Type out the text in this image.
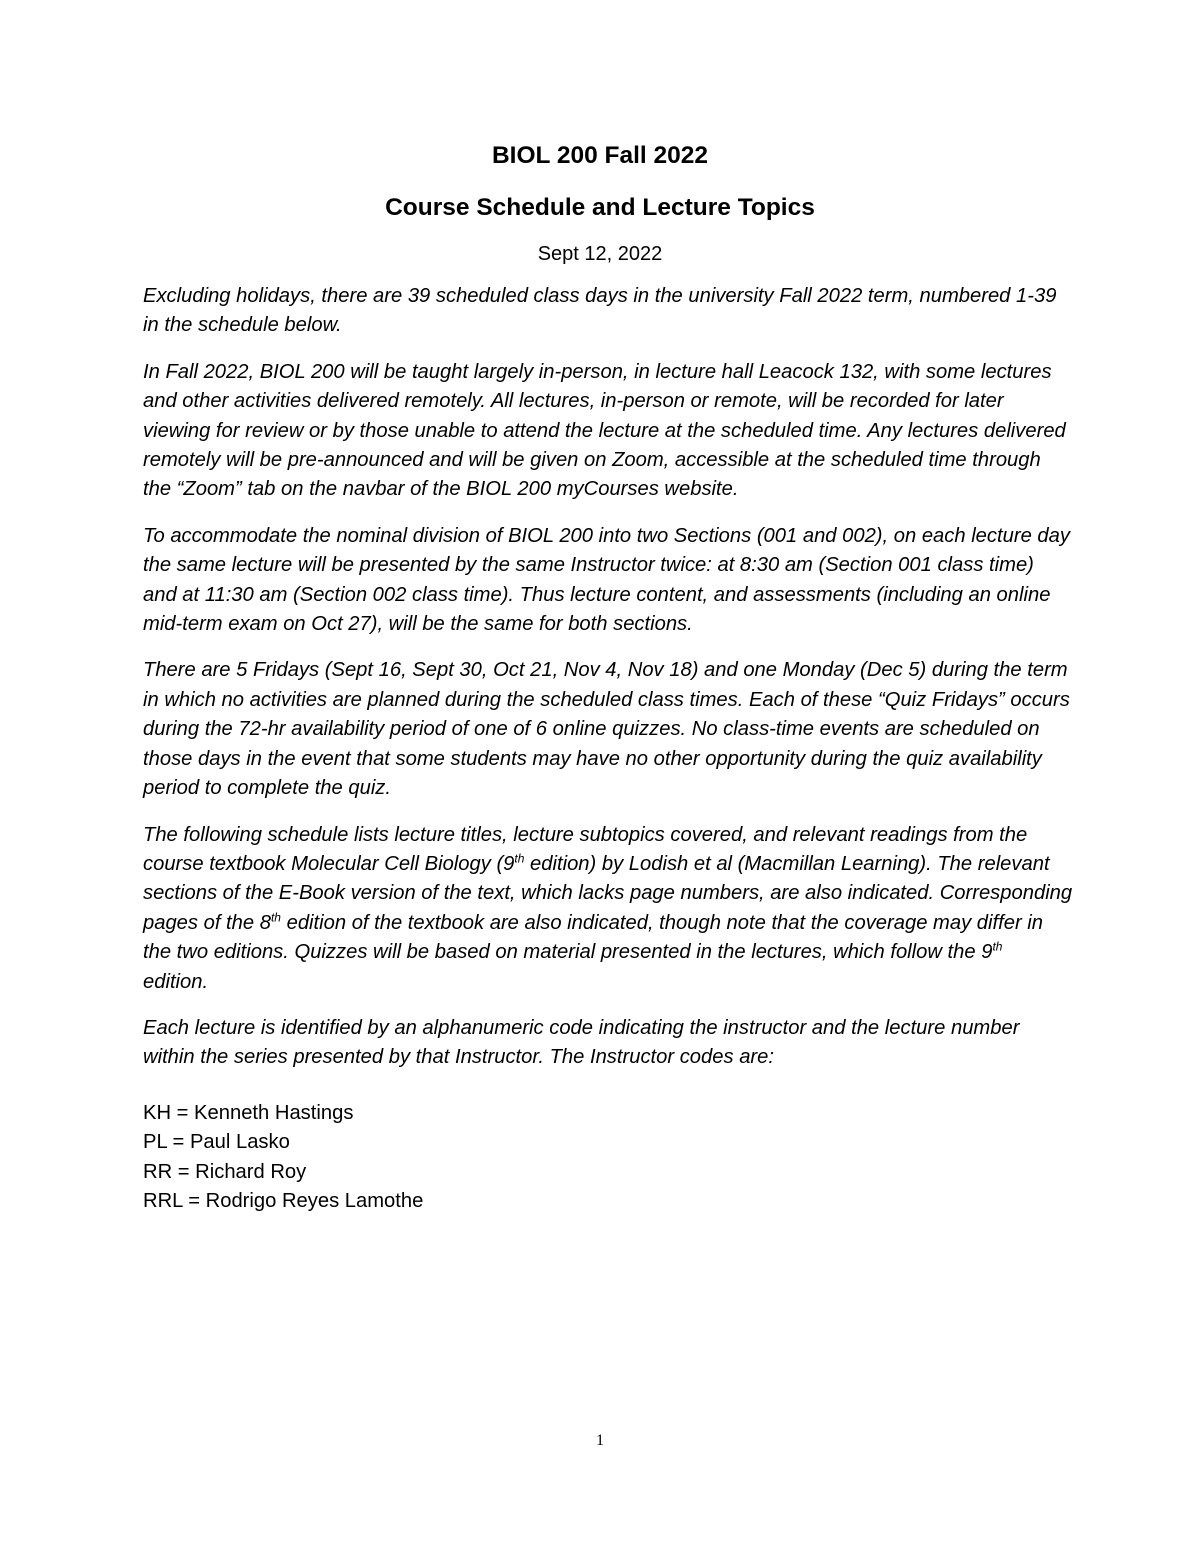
BIOL 200 Fall 2022
Course Schedule and Lecture Topics

Sept 12, 2022

Excluding holidays, there are 39 scheduled class days in the university Fall 2022 term, numbered 1-39 in the schedule below.

In Fall 2022, BIOL 200 will be taught largely in-person, in lecture hall Leacock 132, with some lectures and other activities delivered remotely. All lectures, in-person or remote, will be recorded for later viewing for review or by those unable to attend the lecture at the scheduled time. Any lectures delivered remotely will be pre-announced and will be given on Zoom, accessible at the scheduled time through the “Zoom” tab on the navbar of the BIOL 200 myCourses website.

To accommodate the nominal division of BIOL 200 into two Sections (001 and 002), on each lecture day the same lecture will be presented by the same Instructor twice: at 8:30 am (Section 001 class time) and at 11:30 am (Section 002 class time). Thus lecture content, and assessments (including an online mid-term exam on Oct 27), will be the same for both sections.

There are 5 Fridays (Sept 16, Sept 30, Oct 21, Nov 4, Nov 18) and one Monday (Dec 5) during the term in which no activities are planned during the scheduled class times. Each of these “Quiz Fridays” occurs during the 72-hr availability period of one of 6 online quizzes. No class-time events are scheduled on those days in the event that some students may have no other opportunity during the quiz availability period to complete the quiz.

The following schedule lists lecture titles, lecture subtopics covered, and relevant readings from the course textbook Molecular Cell Biology (9th edition) by Lodish et al (Macmillan Learning). The relevant sections of the E-Book version of the text, which lacks page numbers, are also indicated. Corresponding pages of the 8th edition of the textbook are also indicated, though note that the coverage may differ in the two editions. Quizzes will be based on material presented in the lectures, which follow the 9th edition.

Each lecture is identified by an alphanumeric code indicating the instructor and the lecture number within the series presented by that Instructor. The Instructor codes are:

KH = Kenneth Hastings
PL = Paul Lasko
RR = Richard Roy
RRL = Rodrigo Reyes Lamothe
1
